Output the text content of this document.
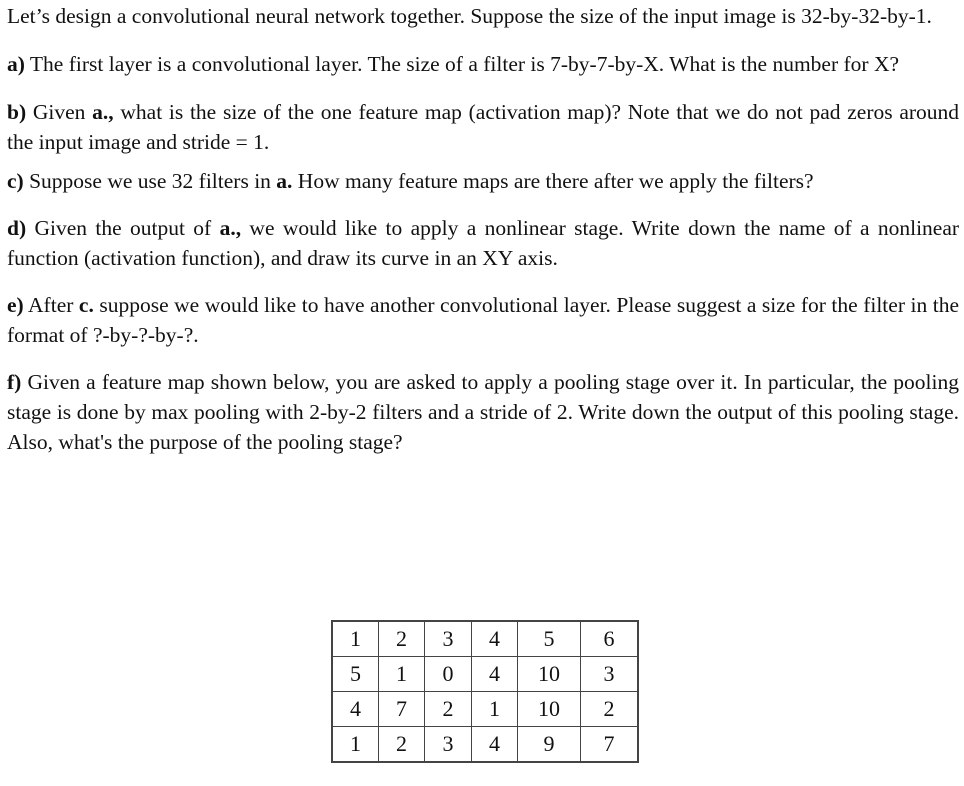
Let’s design a convolutional neural network together. Suppose the size of the input image is 32-by-32-by-1.

a) The first layer is a convolutional layer. The size of a filter is 7-by-7-by-X. What is the number for X?

b) Given a., what is the size of the one feature map (activation map)? Note that we do not pad zeros around the input image and stride = 1.

c) Suppose we use 32 filters in a. How many feature maps are there after we apply the filters?

d) Given the output of a., we would like to apply a nonlinear stage. Write down the name of a nonlinear function (activation function), and draw its curve in an XY axis.

e) After c. suppose we would like to have another convolutional layer. Please suggest a size for the filter in the format of ?-by-?-by-?.

f) Given a feature map shown below, you are asked to apply a pooling stage over it. In particular, the pooling stage is done by max pooling with 2-by-2 filters and a stride of 2. Write down the output of this pooling stage. Also, what's the purpose of the pooling stage?

1	2	3	4	5	6
5	1	0	4	10	3
4	7	2	1	10	2
1	2	3	4	9	7
